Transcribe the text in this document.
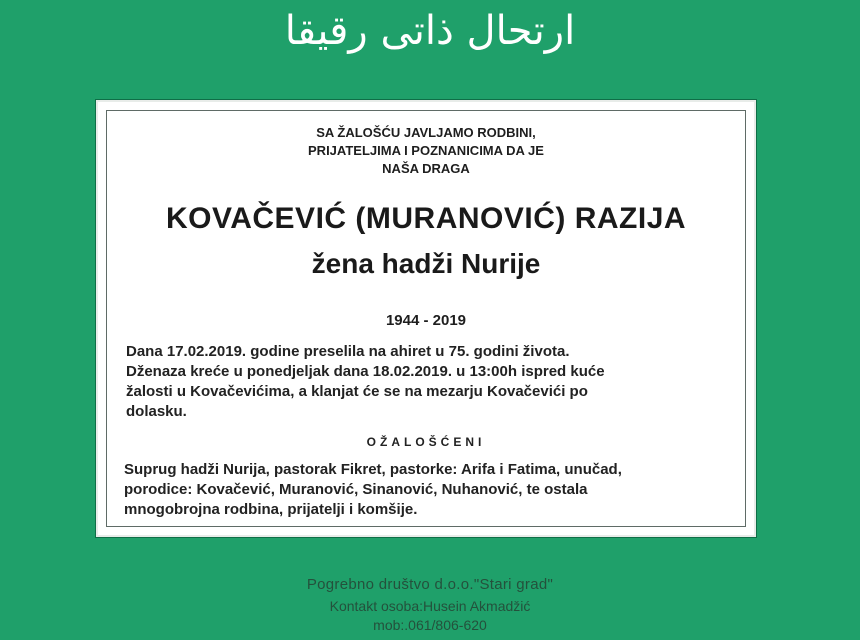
ارتحال ذاتی رقیقا
SA ŽALOŠĆU JAVLJAMO RODBINI,
PRIJATELJIMA I POZNANICIMA DA JE
NAŠA DRAGA
KOVAČEVIĆ (MURANOVIĆ) RAZIJA
žena hadži Nurije
1944 - 2019
Dana 17.02.2019. godine preselila na ahiret u 75. godini života.
Dženaza kreće u ponedjeljak dana 18.02.2019. u 13:00h ispred kuće
žalosti u Kovačevićima, a klanjat će se na mezarju Kovačevići po
dolasku.
OŽALOŠĆENI
Suprug hadži Nurija, pastorak Fikret, pastorke: Arifa i Fatima, unučad,
porodice: Kovačević, Muranović, Sinanović, Nuhanović, te ostala
mnogobrojna rodbina, prijatelji i komšije.
Pogrebno društvo d.o.o."Stari grad"
Kontakt osoba:Husein Akmadžić
mob:.061/806-620
